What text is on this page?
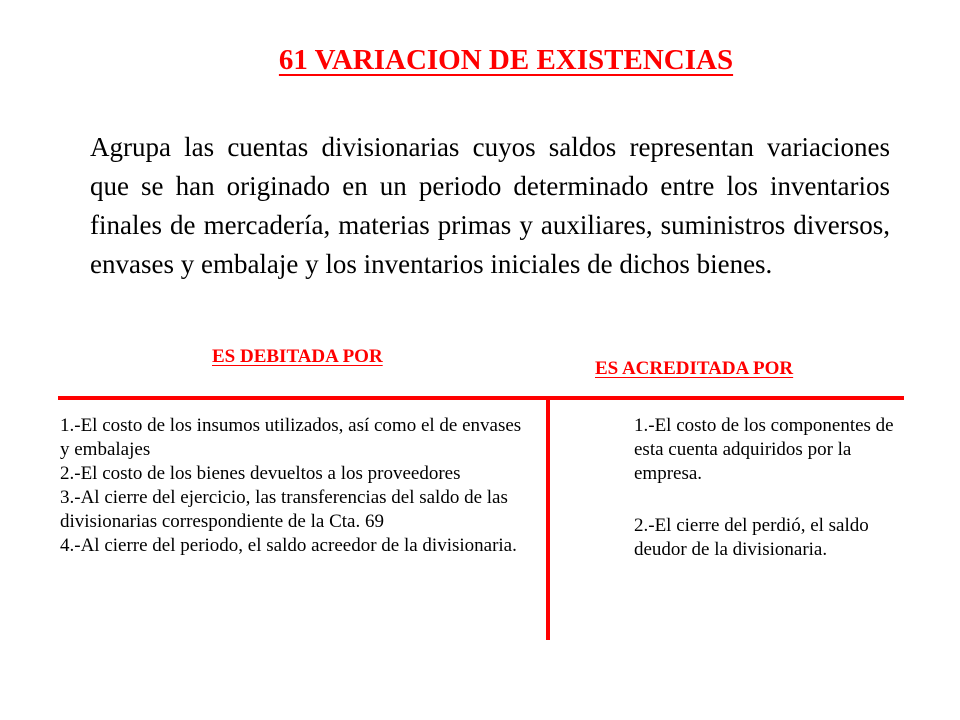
61 VARIACION DE EXISTENCIAS
Agrupa las cuentas divisionarias cuyos saldos representan variaciones que se han originado en un periodo determinado entre los inventarios finales de mercadería, materias primas y auxiliares, suministros diversos, envases y embalaje y los inventarios iniciales de dichos bienes.
ES DEBITADA POR
ES ACREDITADA POR

1.-El costo de los insumos utilizados, así como el de envases y embalajes

2.-El costo de los bienes devueltos a los proveedores

3.-Al cierre del ejercicio, las transferencias del saldo de las divisionarias correspondiente de la Cta. 69

4.-Al cierre del periodo, el saldo acreedor de la divisionaria.

1.-El costo de los componentes de esta cuenta adquiridos por la empresa.

2.-El cierre del perdió, el saldo deudor de la divisionaria.
